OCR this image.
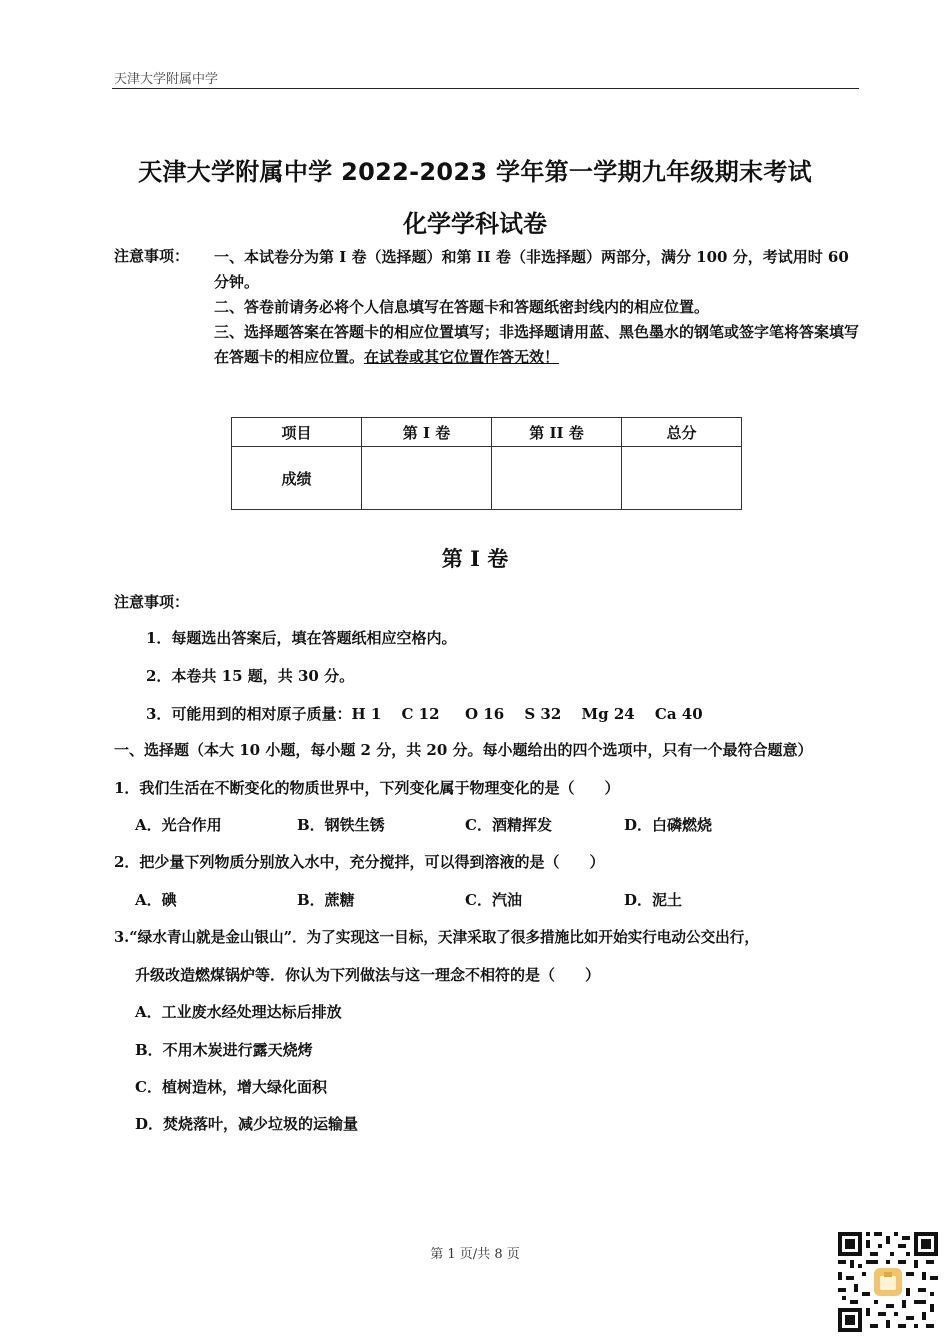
天津大学附属中学
天津大学附属中学 2022-2023 学年第一学期九年级期末考试
化学学科试卷
注意事项： 一、本试卷分为第 I 卷（选择题）和第 II 卷（非选择题）两部分，满分 100 分，考试用时 60 分钟。
二、答卷前请务必将个人信息填写在答题卡和答题纸密封线内的相应位置。
三、选择题答案在答题卡的相应位置填写；非选择题请用蓝、黑色墨水的钢笔或签字笔将答案填写在答题卡的相应位置。在试卷或其它位置作答无效！
项目	第 I 卷	第 II 卷	总分
成绩			
第 I 卷
注意事项：
1．每题选出答案后，填在答题纸相应空格内。
2．本卷共 15 题，共 30 分。
3．可能用到的相对原子质量：H 1　 C 12　  O 16　 S 32　 Mg 24　 Ca 40
一、选择题（本大 10 小题，每小题 2 分，共 20 分。每小题给出的四个选项中，只有一个最符合题意）
1．我们生活在不断变化的物质世界中，下列变化属于物理变化的是（　　）
A．光合作用	B．钢铁生锈	C．酒精挥发	D．白磷燃烧
2．把少量下列物质分别放入水中，充分搅拌，可以得到溶液的是（　　）
A．碘	B．蔗糖	C．汽油	D．泥土
3.“绿水青山就是金山银山”．为了实现这一目标，天津采取了很多措施比如开始实行电动公交出行，
升级改造燃煤锅炉等．你认为下列做法与这一理念不相符的是（　　）
A．工业废水经处理达标后排放
B．不用木炭进行露天烧烤
C．植树造林，增大绿化面积
D．焚烧落叶，减少垃圾的运输量
第 1 页/共 8 页
